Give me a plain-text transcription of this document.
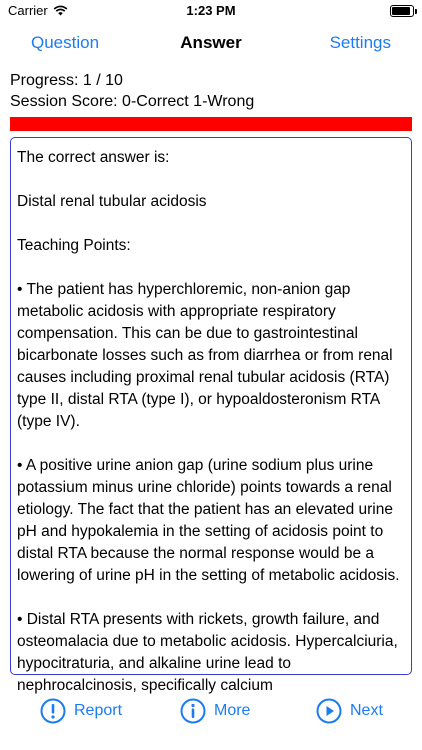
Carrier	1:23 PM
Question	Answer	Settings
Progress: 1 / 10
Session Score: 0-Correct 1-Wrong

The correct answer is:

Distal renal tubular acidosis

Teaching Points:

• The patient has hyperchloremic, non-anion gap metabolic acidosis with appropriate respiratory compensation. This can be due to gastrointestinal bicarbonate losses such as from diarrhea or from renal causes including proximal renal tubular acidosis (RTA) type II, distal RTA (type I), or hypoaldosteronism RTA (type IV).

• A positive urine anion gap (urine sodium plus urine potassium minus urine chloride) points towards a renal etiology. The fact that the patient has an elevated urine pH and hypokalemia in the setting of acidosis point to distal RTA because the normal response would be a lowering of urine pH in the setting of metabolic acidosis.

• Distal RTA presents with rickets, growth failure, and osteomalacia due to metabolic acidosis. Hypercalciuria, hypocitraturia, and alkaline urine lead to nephrocalcinosis, specifically calcium

Report	More	Next
